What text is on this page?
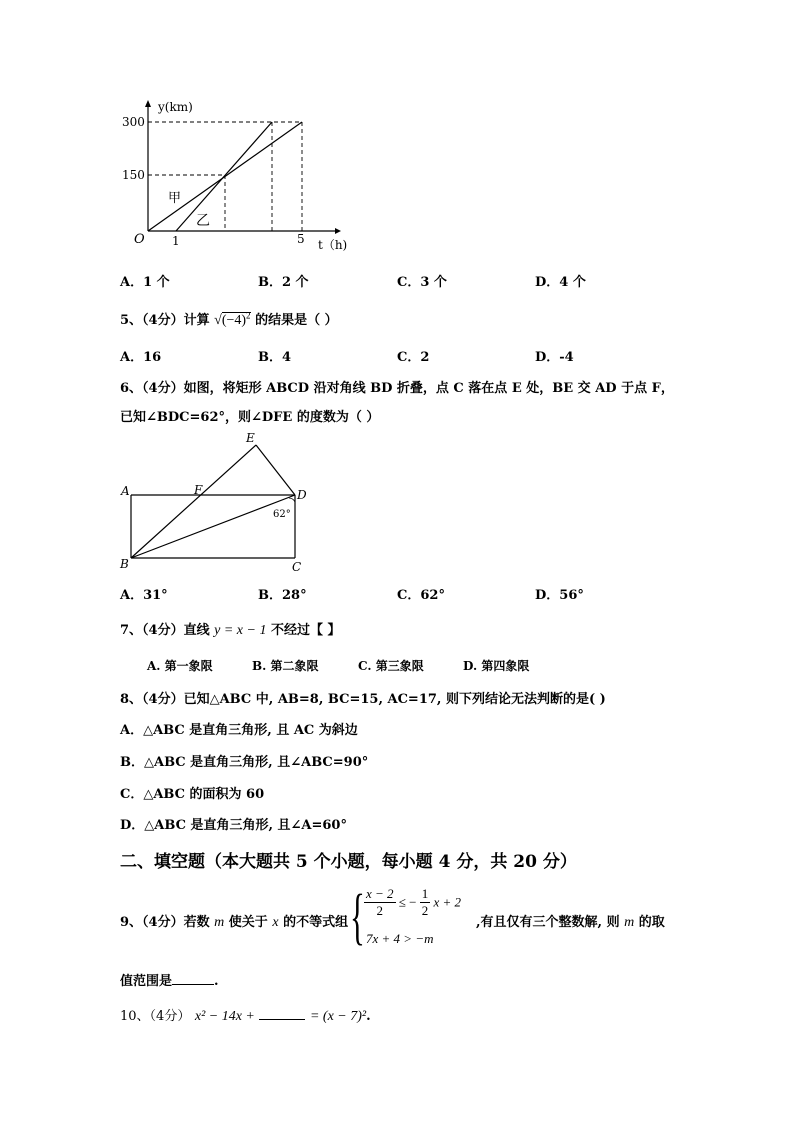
y(km)
300
150
O 1	5 t（h)
甲
乙
A．1 个	B．2 个	C．3 个	D．4 个
5、（4分）计算 $√(-4)^2$ 的结果是（ ）
A．16	B．4	C．2	D．-4
6、（4分）如图，将矩形 ABCD 沿对角线 BD 折叠，点 C 落在点 E 处，BE 交 AD 于点 F，
已知∠BDC=62°，则∠DFE 的度数为（ ）
E
A	F	D
62°
B	C
A．31°	B．28°	C．62°	D．56°
7、（4分）直线 y = x − 1 不经过【 】
A. 第一象限	B. 第二象限	C. 第三象限	D. 第四象限
8、（4分）已知△ABC 中, AB=8, BC=15, AC=17, 则下列结论无法判断的是( )
A．△ABC 是直角三角形, 且 AC 为斜边
B．△ABC 是直角三角形, 且∠ABC=90°
C．△ABC 的面积为 60
D．△ABC 是直角三角形, 且∠A=60°
二、填空题（本大题共 5 个小题，每小题 4 分，共 20 分）
9、（4分）若数 m 使关于 x 的不等式组 { $\frac{x - 2}{2}$ ≤ − $\frac{1}{2}$ x + 2
7x + 4 > −m
,有且仅有三个整数解, 则 m 的取
值范围是	.
10、（4分） x² − 14x +	= (x − 7)².
